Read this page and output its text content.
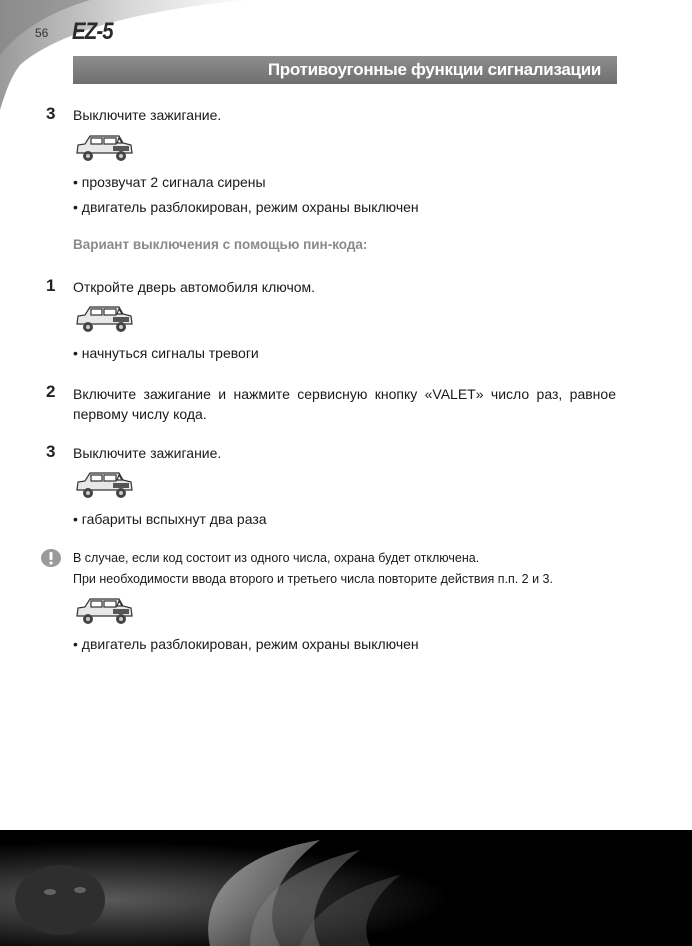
56 EZ-5
Противоугонные функции сигнализации
3 Выключите зажигание.
• прозвучат 2 сигнала сирены
• двигатель разблокирован, режим охраны выключен
Вариант выключения с помощью пин-кода:
1 Откройте дверь автомобиля ключом.
• начнуться сигналы тревоги
2 Включите зажигание и нажмите сервисную кнопку «VALET» число раз, равное первому числу кода.
3 Выключите зажигание.
• габариты вспыхнут два раза
В случае, если код состоит из одного числа, охрана будет отключена.
При необходимости ввода второго и третьего числа повторите действия п.п. 2 и 3.
• двигатель разблокирован, режим охраны выключен
